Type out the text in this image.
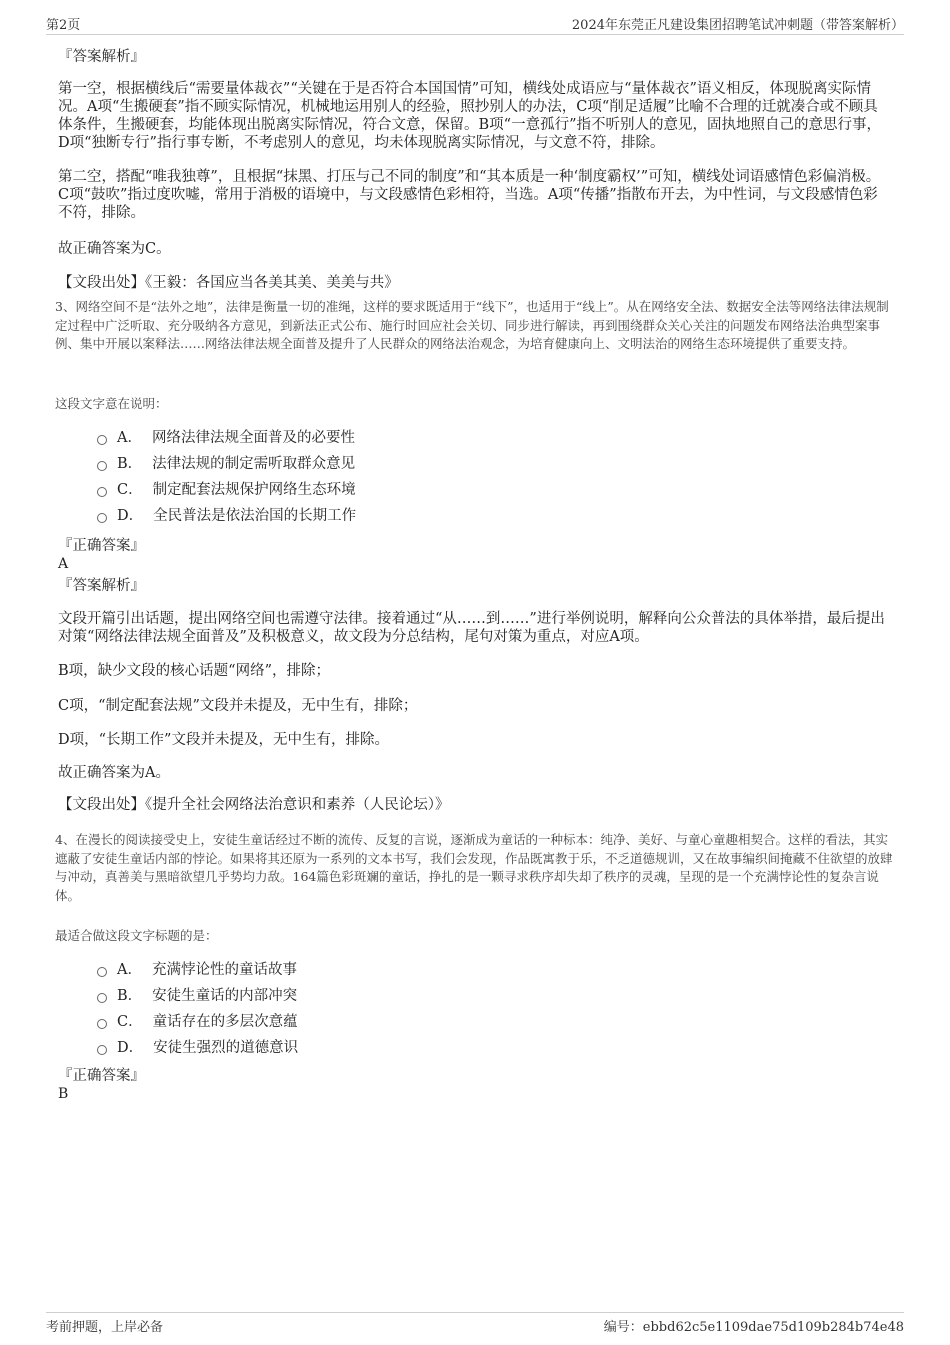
第2页	2024年东莞正凡建设集团招聘笔试冲刺题（带答案解析）
『答案解析』

第一空，根据横线后“需要量体裁衣”“关键在于是否符合本国国情”可知，横线处成语应与“量体裁衣”语义相反，体现脱离实际情况。A项“生搬硬套”指不顾实际情况，机械地运用别人的经验，照抄别人的办法，C项“削足适履”比喻不合理的迁就凑合或不顾具体条件，生搬硬套，均能体现出脱离实际情况，符合文意，保留。B项“一意孤行”指不听别人的意见，固执地照自己的意思行事，D项“独断专行”指行事专断，不考虑别人的意见，均未体现脱离实际情况，与文意不符，排除。

第二空，搭配“唯我独尊”，且根据“抹黑、打压与己不同的制度”和“其本质是一种‘制度霸权’”可知，横线处词语感情色彩偏消极。C项“鼓吹”指过度吹嘘，常用于消极的语境中，与文段感情色彩相符，当选。A项“传播”指散布开去，为中性词，与文段感情色彩不符，排除。

故正确答案为C。
【文段出处】《王毅：各国应当各美其美、美美与共》

3、网络空间不是“法外之地”，法律是衡量一切的准绳，这样的要求既适用于“线下”，也适用于“线上”。从在网络安全法、数据安全法等网络法律法规制定过程中广泛听取、充分吸纳各方意见，到新法正式公布、施行时回应社会关切、同步进行解读，再到围绕群众关心关注的问题发布网络法治典型案事例、集中开展以案释法……网络法律法规全面普及提升了人民群众的网络法治观念，为培育健康向上、文明法治的网络生态环境提供了重要支持。

这段文字意在说明：
A． 网络法律法规全面普及的必要性
B． 法律法规的制定需听取群众意见
C． 制定配套法规保护网络生态环境
D． 全民普法是依法治国的长期工作
『正确答案』
A
『答案解析』

文段开篇引出话题，提出网络空间也需遵守法律。接着通过“从……到……”进行举例说明，解释向公众普法的具体举措，最后提出对策“网络法律法规全面普及”及积极意义，故文段为分总结构，尾句对策为重点，对应A项。

B项，缺少文段的核心话题“网络”，排除；
C项，“制定配套法规”文段并未提及，无中生有，排除；
D项，“长期工作”文段并未提及，无中生有，排除。
故正确答案为A。
【文段出处】《提升全社会网络法治意识和素养（人民论坛）》

4、在漫长的阅读接受史上，安徒生童话经过不断的流传、反复的言说，逐渐成为童话的一种标本：纯净、美好、与童心童趣相契合。这样的看法，其实遮蔽了安徒生童话内部的悖论。如果将其还原为一系列的文本书写，我们会发现，作品既寓教于乐，不乏道德规训，又在故事编织间掩藏不住欲望的放肆与冲动，真善美与黑暗欲望几乎势均力敌。164篇色彩斑斓的童话，挣扎的是一颗寻求秩序却失却了秩序的灵魂，呈现的是一个充满悖论性的复杂言说体。

最适合做这段文字标题的是：
A． 充满悖论性的童话故事
B． 安徒生童话的内部冲突
C． 童话存在的多层次意蕴
D． 安徒生强烈的道德意识
『正确答案』
B
考前押题，上岸必备	编号：ebbd62c5e1109dae75d109b284b74e48
